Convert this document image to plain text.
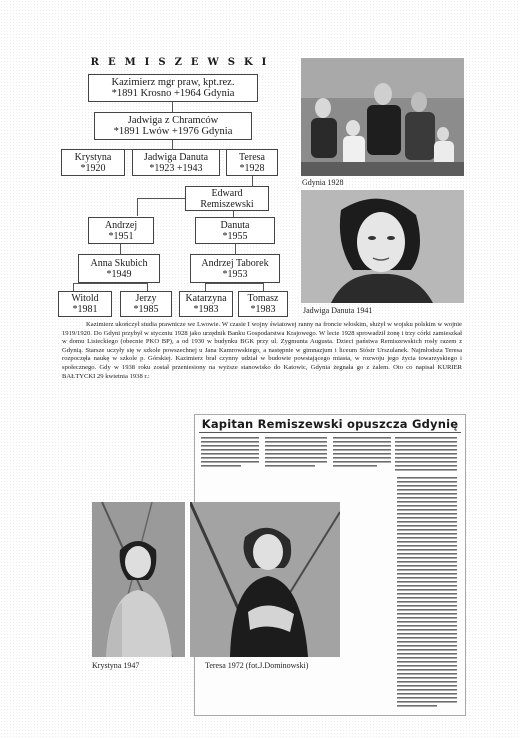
REMISZEWSKI
Kazimierz mgr praw, kpt.rez.
*1891 Krosno +1964 Gdynia
Jadwiga z Chramców
*1891 Lwów +1976 Gdynia
Krystyna
*1920
Jadwiga Danuta
*1923 +1943
Teresa
*1928
Edward
Remiszewski
Andrzej
*1951
Danuta
*1955
Anna Skubich
*1949
Andrzej Taborek
*1953
Witold
*1981
Jerzy
*1985
Katarzyna
*1983
Tomasz
*1983
Gdynia 1928
Jadwiga Danuta 1941
Kazimierz ukończył studia prawnicze we Lwowie. W czasie I wojny światowej ranny na froncie włoskim, służył w wojsku polskim w wojnie 1919/1920. Do Gdyni przybył w styczniu 1928 jako urzędnik Banku Gospodarstwa Krajowego. W lecie 1928 sprowadził żonę i trzy córki zamieszkał w domu Lisieckiego (obecnie PKO BP), a od 1930 w budynku BGK przy ul. Zygmunta Augusta. Dzieci państwa Remiszewskich rosły razem z Gdynią. Starsze uczyły się w szkole powszechnej u Jana Kamrowskiego, a następnie w gimnazjum i liceum Sióstr Urszulanek. Najmłodsza Teresa rozpoczęła naukę w szkole p. Górskiej. Kazimierz brał czynny udział w budowie powstającego miasta, w rozwoju jego życia towarzyskiego i społecznego. Gdy w 1938 roku został przeniesiony na wyższe stanowisko do Katowic, Gdynia żegnała go z żalem. Oto co napisał KURIER BAŁTYCKI 29 kwietnia 1938 r.:
Kapitan Remiszewski opuszcza Gdynię
Krystyna 1947	Teresa 1972 (fot.J.Dominowski)
